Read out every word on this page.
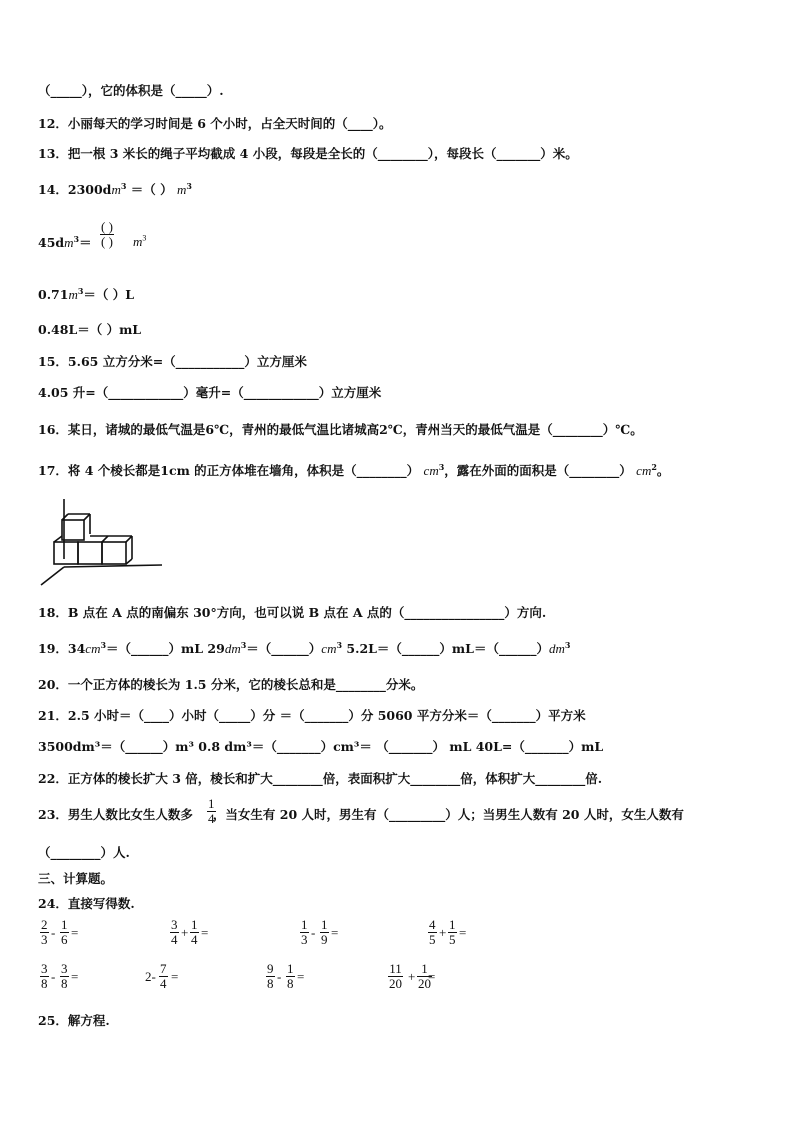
（_____），它的体积是（_____）.
12．小丽每天的学习时间是 6 个小时，占全天时间的（____）。
13．把一根 3 米长的绳子平均截成 4 小段，每段是全长的（________），每段长（_______）米。
14．$2300dm^3$ ＝（ ） $m^3$
$45dm^3=$
( )
( ) $m^3$
$0.71m^3=$（ ）L
0.48L＝（ ）mL
15．5.65 立方分米=（___________）立方厘米
4.05 升=（____________）毫升=（____________）立方厘米
16．某日，诸城的最低气温是6℃，青州的最低气温比诸城高2℃，青州当天的最低气温是（________）℃。
17．将 4 个棱长都是1cm 的正方体堆在墙角，体积是（________） $cm^3$，露在外面的面积是（________） $cm^2$。
18．B 点在 A 点的南偏东 30°方向，也可以说 B 点在 A 点的（________________）方向.
19．$34cm^3=(\_\_\_\_\_\_)mL$ $29dm^3=(\_\_\_\_\_\_)cm^3$ $5.2L=(\_\_\_\_\_\_)mL=(\_\_\_\_\_\_)dm^3$
20．一个正方体的棱长为 1.5 分米，它的棱长总和是________分米。
21．2.5 小时＝（____）小时（_____）分 ＝（_______）分 5060 平方分米＝（_______）平方米
3500dm³＝（______）m³ 0.8 dm³＝（_______）cm³＝ （_______） mL 40L=（_______）mL
22．正方体的棱长扩大 3 倍，棱长和扩大________倍，表面积扩大________倍，体积扩大________倍.
23．男生人数比女生人数多 ，当女生有 20 人时，男生有（_________）人；当男生人数有 20 人时，女生人数有
1
4
（________）人.
三、计算题。
24．直接写得数.
2
3 -
1
6 =
3
4 +
1
4 =
1
3 -
1
9 =
4
5 +
1
5 =
3
8 -
3
8 =	2-
7
4 =
9
8 -
1
8 =
11
20 +
1
20
=
25．解方程.
